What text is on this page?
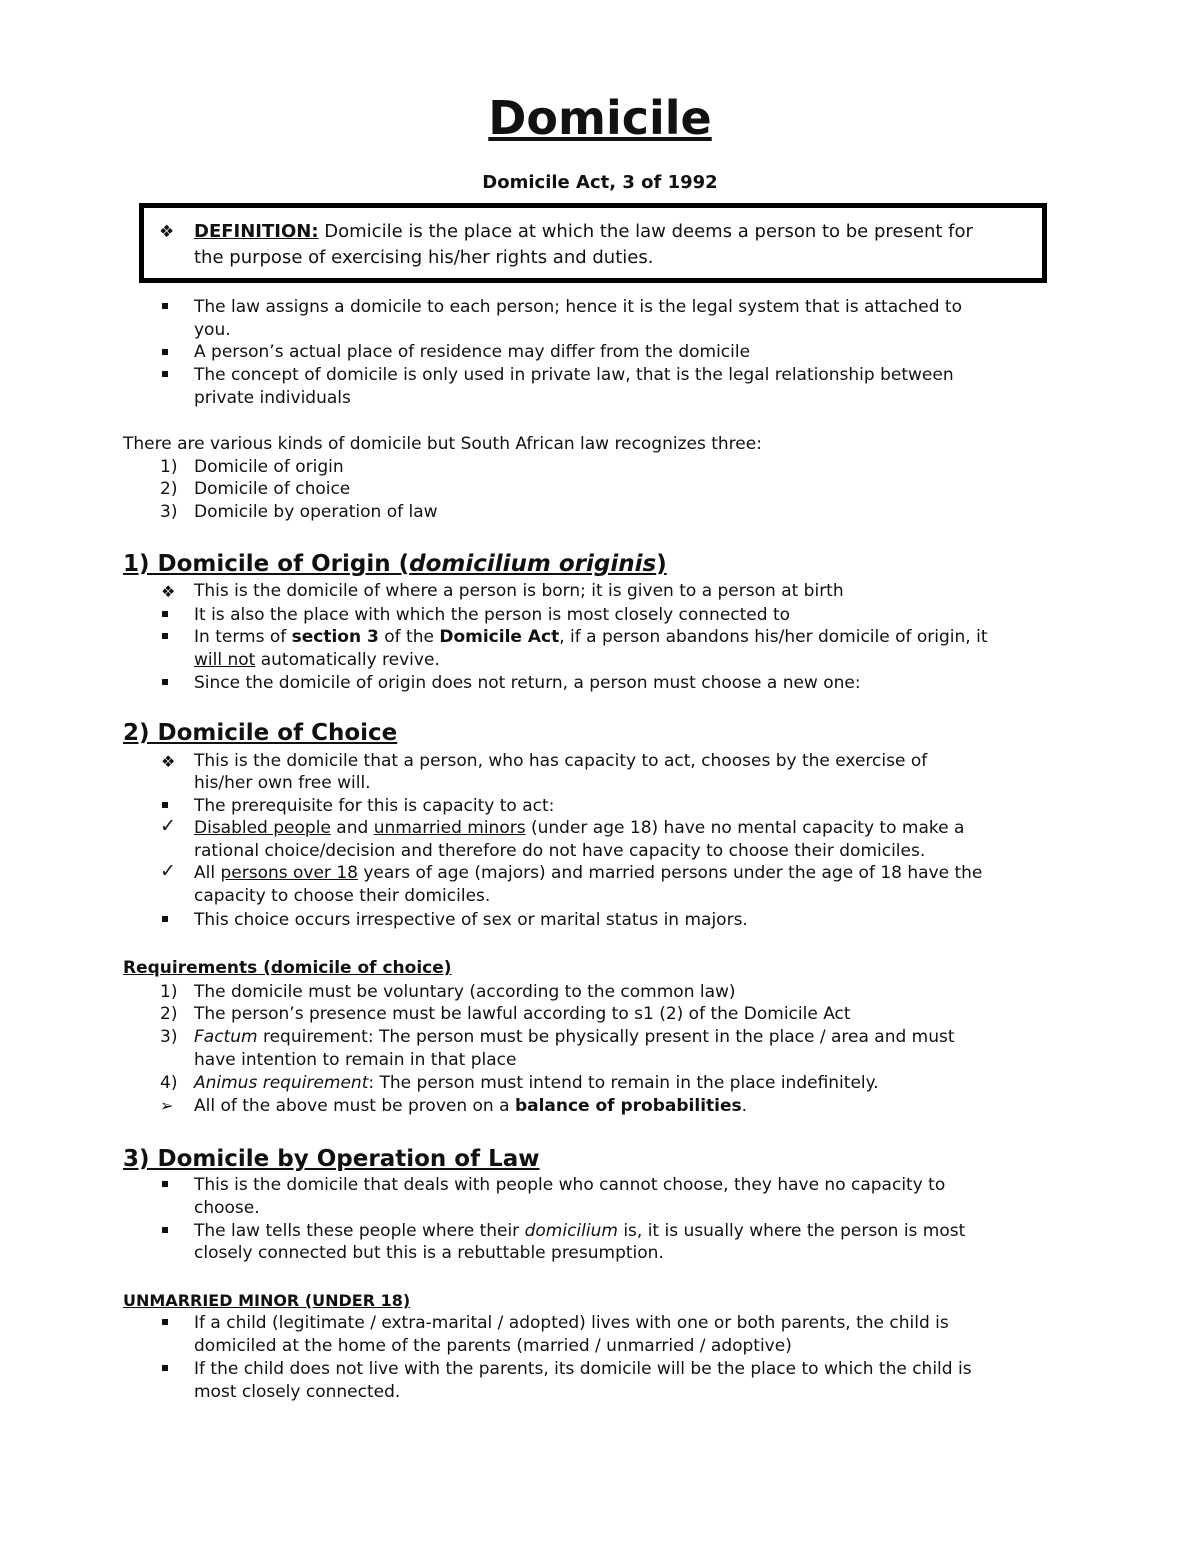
Domicile
Domicile Act, 3 of 1992
❖ DEFINITION: Domicile is the place at which the law deems a person to be present for
the purpose of exercising his/her rights and duties.
The law assigns a domicile to each person; hence it is the legal system that is attached to
you.
A person’s actual place of residence may differ from the domicile
The concept of domicile is only used in private law, that is the legal relationship between
private individuals
There are various kinds of domicile but South African law recognizes three:
1) Domicile of origin
2) Domicile of choice
3) Domicile by operation of law
1) Domicile of Origin (domicilium originis)
❖ This is the domicile of where a person is born; it is given to a person at birth
It is also the place with which the person is most closely connected to
In terms of section 3 of the Domicile Act, if a person abandons his/her domicile of origin, it
will not automatically revive.
Since the domicile of origin does not return, a person must choose a new one:
2) Domicile of Choice
❖ This is the domicile that a person, who has capacity to act, chooses by the exercise of
his/her own free will.
The prerequisite for this is capacity to act:
✓ Disabled people and unmarried minors (under age 18) have no mental capacity to make a
rational choice/decision and therefore do not have capacity to choose their domiciles.
✓ All persons over 18 years of age (majors) and married persons under the age of 18 have the
capacity to choose their domiciles.
This choice occurs irrespective of sex or marital status in majors.
Requirements (domicile of choice)
1) The domicile must be voluntary (according to the common law)
2) The person’s presence must be lawful according to s1 (2) of the Domicile Act
3) Factum requirement: The person must be physically present in the place / area and must
have intention to remain in that place
4) Animus requirement: The person must intend to remain in the place indefinitely.
➢ All of the above must be proven on a balance of probabilities.
3) Domicile by Operation of Law
This is the domicile that deals with people who cannot choose, they have no capacity to
choose.
The law tells these people where their domicilium is, it is usually where the person is most
closely connected but this is a rebuttable presumption.
UNMARRIED MINOR (UNDER 18)
If a child (legitimate / extra-marital / adopted) lives with one or both parents, the child is
domiciled at the home of the parents (married / unmarried / adoptive)
If the child does not live with the parents, its domicile will be the place to which the child is
most closely connected.
